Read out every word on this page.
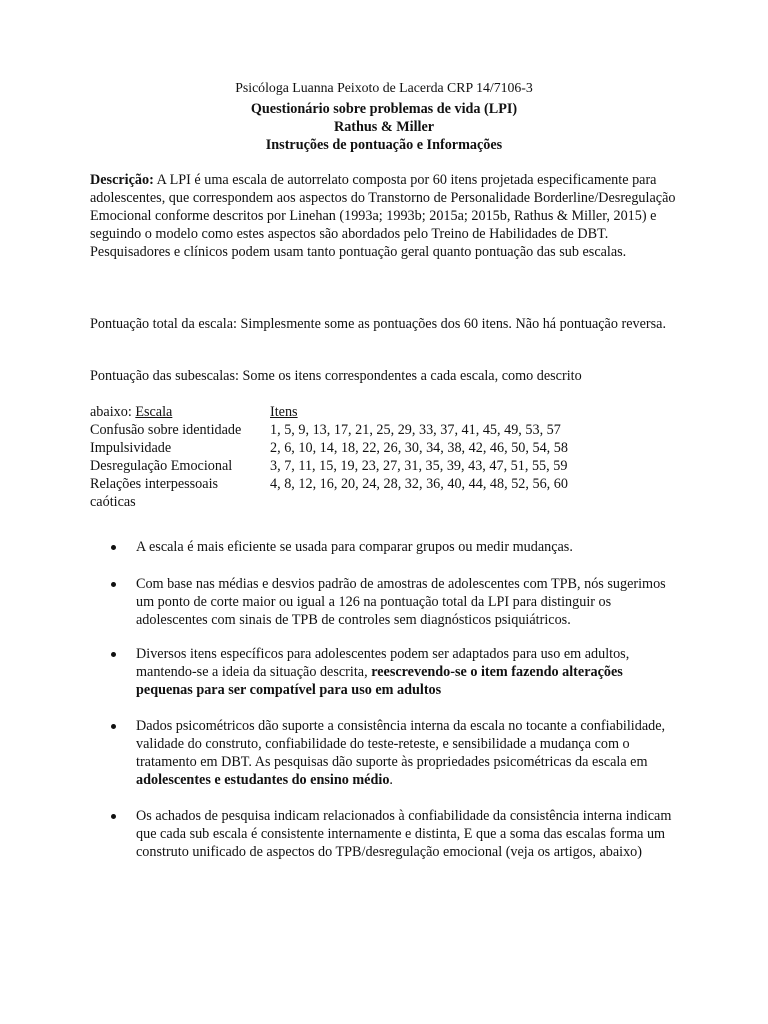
Psicóloga Luanna Peixoto de Lacerda CRP 14/7106-3
Questionário sobre problemas de vida (LPI)
Rathus & Miller
Instruções de pontuação e Informações
Descrição: A LPI é uma escala de autorrelato composta por 60 itens projetada especificamente para adolescentes, que correspondem aos aspectos do Transtorno de Personalidade Borderline/Desregulação Emocional conforme descritos por Linehan (1993a; 1993b; 2015a; 2015b, Rathus & Miller, 2015) e seguindo o modelo como estes aspectos são abordados pelo Treino de Habilidades de DBT. Pesquisadores e clínicos podem usam tanto pontuação geral quanto pontuação das sub escalas.
Pontuação total da escala: Simplesmente some as pontuações dos 60 itens. Não há pontuação reversa.
Pontuação das subescalas: Some os itens correspondentes a cada escala, como descrito
abaixo: Escala	Itens
Confusão sobre identidade	1, 5, 9, 13, 17, 21, 25, 29, 33, 37, 41, 45, 49, 53, 57
Impulsividade	2, 6, 10, 14, 18, 22, 26, 30, 34, 38, 42, 46, 50, 54, 58
Desregulação Emocional	3, 7, 11, 15, 19, 23, 27, 31, 35, 39, 43, 47, 51, 55, 59
Relações interpessoais	4, 8, 12, 16, 20, 24, 28, 32, 36, 40, 44, 48, 52, 56, 60
caóticas
A escala é mais eficiente se usada para comparar grupos ou medir mudanças.
Com base nas médias e desvios padrão de amostras de adolescentes com TPB, nós sugerimos um ponto de corte maior ou igual a 126 na pontuação total da LPI para distinguir os adolescentes com sinais de TPB de controles sem diagnósticos psiquiátricos.
Diversos itens específicos para adolescentes podem ser adaptados para uso em adultos, mantendo-se a ideia da situação descrita, reescrevendo-se o item fazendo alterações pequenas para ser compatível para uso em adultos
Dados psicométricos dão suporte a consistência interna da escala no tocante a confiabilidade, validade do construto, confiabilidade do teste-reteste, e sensibilidade a mudança com o tratamento em DBT. As pesquisas dão suporte às propriedades psicométricas da escala em adolescentes e estudantes do ensino médio.
Os achados de pesquisa indicam relacionados à confiabilidade da consistência interna indicam que cada sub escala é consistente internamente e distinta, E que a soma das escalas forma um construto unificado de aspectos do TPB/desregulação emocional (veja os artigos, abaixo)
